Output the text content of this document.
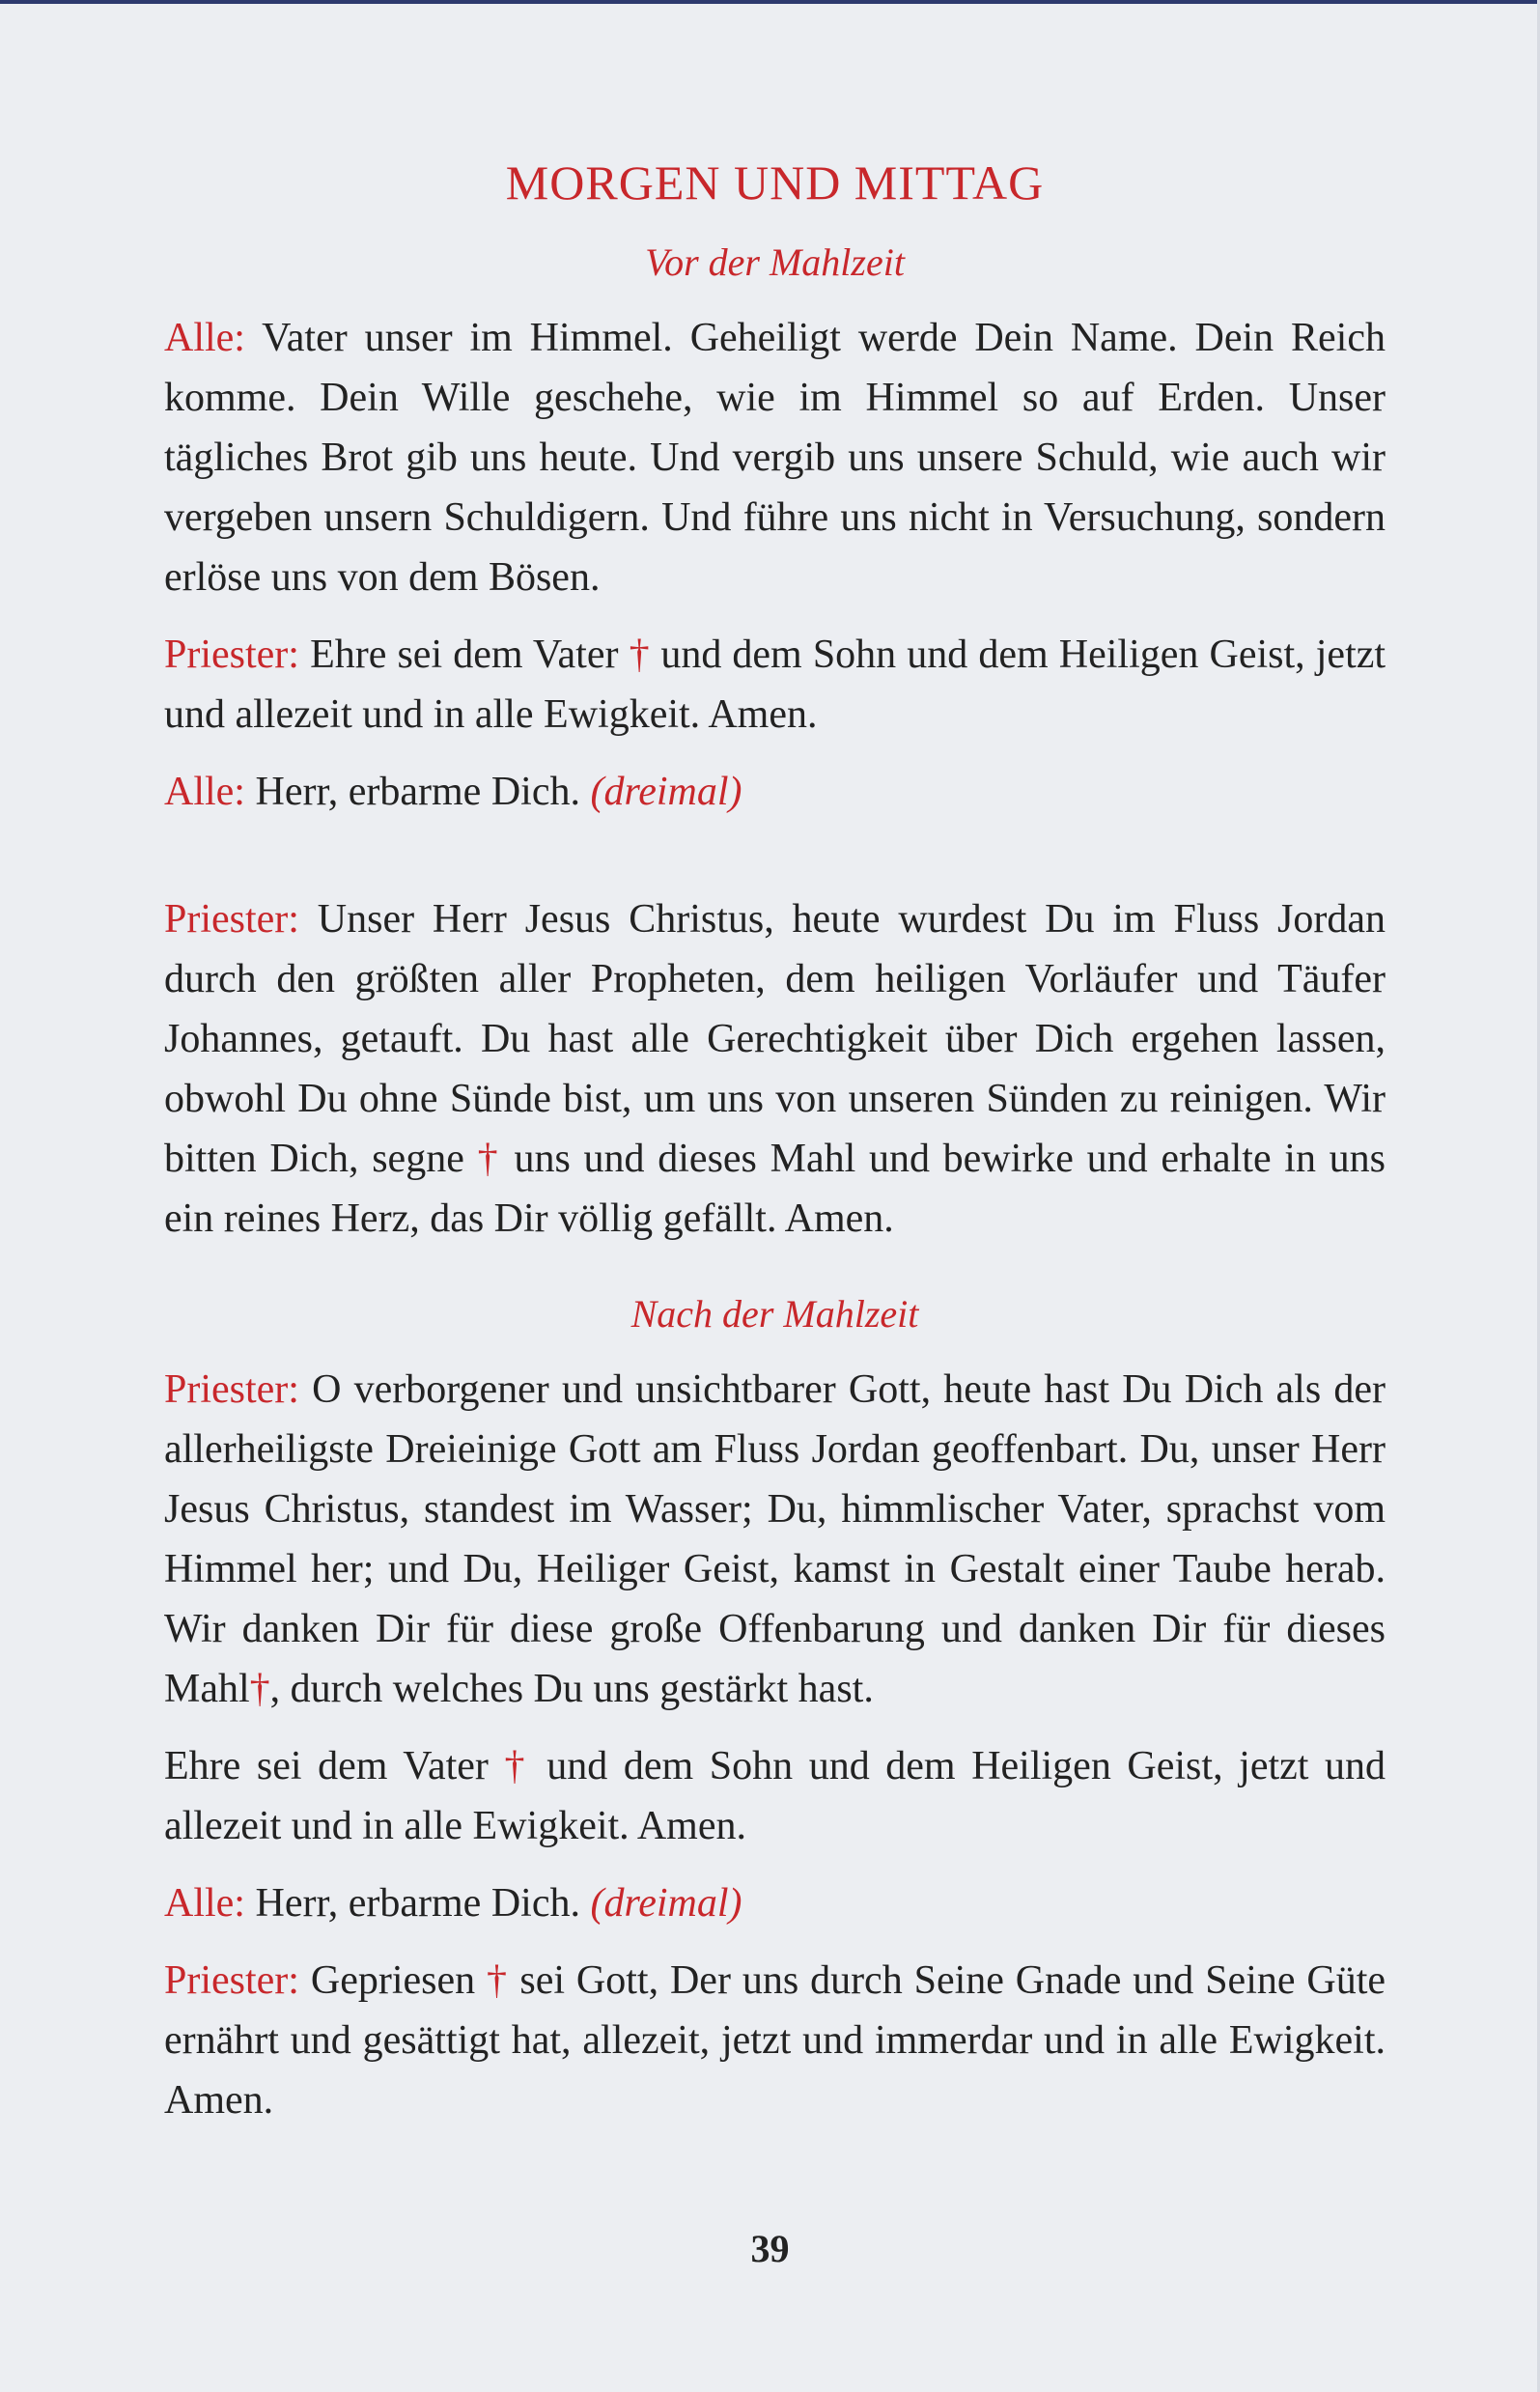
MORGEN UND MITTAG
Vor der Mahlzeit

Alle: Vater unser im Himmel. Geheiligt werde Dein Name. Dein Reich komme. Dein Wille geschehe, wie im Himmel so auf Erden. Unser tägliches Brot gib uns heute. Und vergib uns unsere Schuld, wie auch wir vergeben unsern Schuldigern. Und führe uns nicht in Versuchung, sondern erlöse uns von dem Bösen.

Priester: Ehre sei dem Vater † und dem Sohn und dem Heiligen Geist, jetzt und allezeit und in alle Ewigkeit. Amen.

Alle: Herr, erbarme Dich. (dreimal)

Priester: Unser Herr Jesus Christus, heute wurdest Du im Fluss Jordan durch den größten aller Propheten, dem heiligen Vorläufer und Täufer Johannes, getauft. Du hast alle Gerechtigkeit über Dich ergehen lassen, obwohl Du ohne Sünde bist, um uns von unseren Sünden zu reinigen. Wir bitten Dich, segne † uns und dieses Mahl und bewirke und erhalte in uns ein reines Herz, das Dir völlig gefällt. Amen.

Nach der Mahlzeit

Priester: O verborgener und unsichtbarer Gott, heute hast Du Dich als der allerheiligste Dreieinige Gott am Fluss Jordan geoffenbart. Du, unser Herr Jesus Christus, standest im Wasser; Du, himmlischer Vater, sprachst vom Himmel her; und Du, Heiliger Geist, kamst in Gestalt einer Taube herab. Wir danken Dir für diese große Offenbarung und danken Dir für dieses Mahl†, durch welches Du uns gestärkt hast.

Ehre sei dem Vater † und dem Sohn und dem Heiligen Geist, jetzt und allezeit und in alle Ewigkeit. Amen.

Alle: Herr, erbarme Dich. (dreimal)

Priester: Gepriesen † sei Gott, Der uns durch Seine Gnade und Seine Güte ernährt und gesättigt hat, allezeit, jetzt und immerdar und in alle Ewigkeit. Amen.

39
